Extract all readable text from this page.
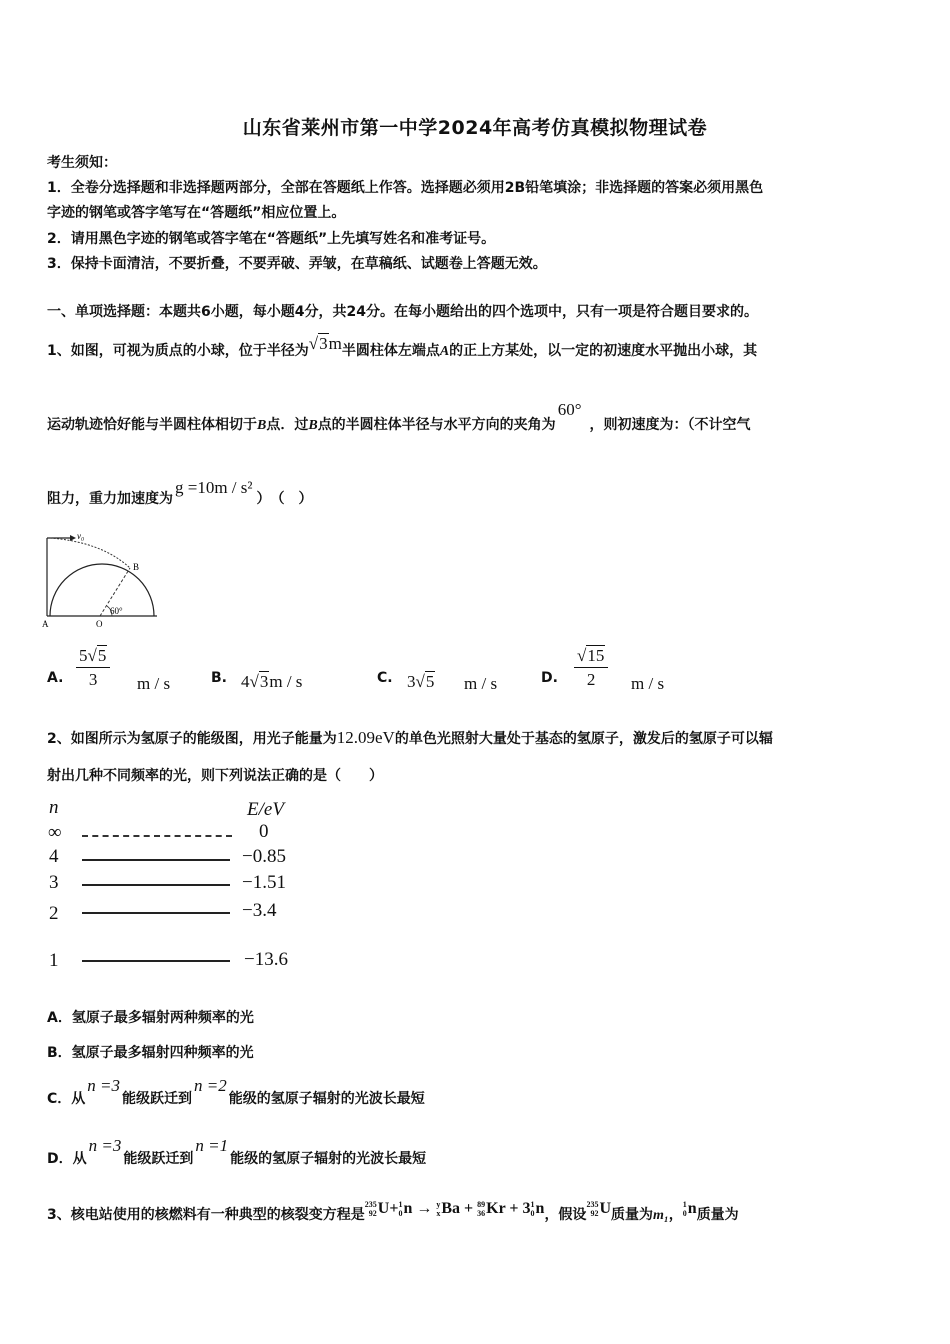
山东省莱州市第一中学2024年高考仿真模拟物理试卷
考生须知：
1．全卷分选择题和非选择题两部分，全部在答题纸上作答。选择题必须用2B铅笔填涂；非选择题的答案必须用黑色
字迹的钢笔或答字笔写在“答题纸”相应位置上。
2．请用黑色字迹的钢笔或答字笔在“答题纸”上先填写姓名和准考证号。
3．保持卡面清洁，不要折叠，不要弄破、弄皱，在草稿纸、试题卷上答题无效。
一、单项选择题：本题共6小题，每小题4分，共24分。在每小题给出的四个选项中，只有一项是符合题目要求的。
1、如图，可视为质点的小球，位于半径为√3m半圆柱体左端点A的正上方某处，以一定的初速度水平抛出小球，其
运动轨迹恰好能与半圆柱体相切于B点．过B点的半圆柱体半径与水平方向的夹角为60°，则初速度为：（不计空气
阻力，重力加速度为g =10m / s²）　（　）
v₀
B
A	O
60°
A. $\frac{5√5}{3}$ m / s	B. 4√3m / s	C. 3√5 m / s	D. $\frac{√15}{2}$ m / s
2、如图所示为氢原子的能级图，用光子能量为12.09eV的单色光照射大量处于基态的氢原子，激发后的氢原子可以辐
射出几种不同频率的光，则下列说法正确的是（　　）
n	E/eV
∞	0
4	−0.85
3	−1.51
2	−3.4
1	−13.6
A．氢原子最多辐射两种频率的光
B．氢原子最多辐射四种频率的光
C．从n =3能级跃迁到n =2能级的氢原子辐射的光波长最短
D．从n =3能级跃迁到n =1能级的氢原子辐射的光波长最短
3、核电站使用的核燃料有一种典型的核裂变方程是
235
92 U+ 1
0 n → y
x Ba + 89
36 Kr + 3 1
0 n，假设
235
92 U质量为m₁，
1
0 n质量为
